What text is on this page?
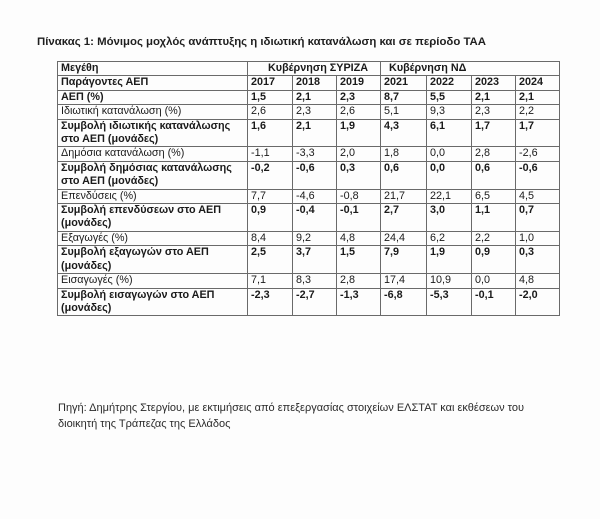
Πίνακας 1: Μόνιμος μοχλός ανάπτυξης η ιδιωτική κατανάλωση και σε περίοδο ΤΑΑ
Μεγέθη	Κυβέρνηση ΣΥΡΙΖΑ			Κυβέρνηση ΝΔ			
Παράγοντες ΑΕΠ	2017	2018	2019	2021	2022	2023	2024
ΑΕΠ (%)	1,5	2,1	2,3	8,7	5,5	2,1	2,1
Ιδιωτική κατανάλωση (%)	2,6	2,3	2,6	5,1	9,3	2,3	2,2
Συμβολή ιδιωτικής κατανάλωσης στο ΑΕΠ (μονάδες)	1,6	2,1	1,9	4,3	6,1	1,7	1,7
Δημόσια κατανάλωση (%)	-1,1	-3,3	2,0	1,8	0,0	2,8	-2,6
Συμβολή δημόσιας κατανάλωσης στο ΑΕΠ (μονάδες)	-0,2	-0,6	0,3	0,6	0,0	0,6	-0,6
Επενδύσεις (%)	7,7	-4,6	-0,8	21,7	22,1	6,5	4,5
Συμβολή επενδύσεων στο ΑΕΠ (μονάδες)	0,9	-0,4	-0,1	2,7	3,0	1,1	0,7
Εξαγωγές (%)	8,4	9,2	4,8	24,4	6,2	2,2	1,0
Συμβολή εξαγωγών στο ΑΕΠ (μονάδες)	2,5	3,7	1,5	7,9	1,9	0,9	0,3
Εισαγωγές (%)	7,1	8,3	2,8	17,4	10,9	0,0	4,8
Συμβολή εισαγωγών στο ΑΕΠ (μονάδες)	-2,3	-2,7	-1,3	-6,8	-5,3	-0,1	-2,0
Πηγή: Δημήτρης Στεργίου, με εκτιμήσεις από επεξεργασίας στοιχείων ΕΛΣΤΑΤ και εκθέσεων του διοικητή της Τράπεζας της Ελλάδος
